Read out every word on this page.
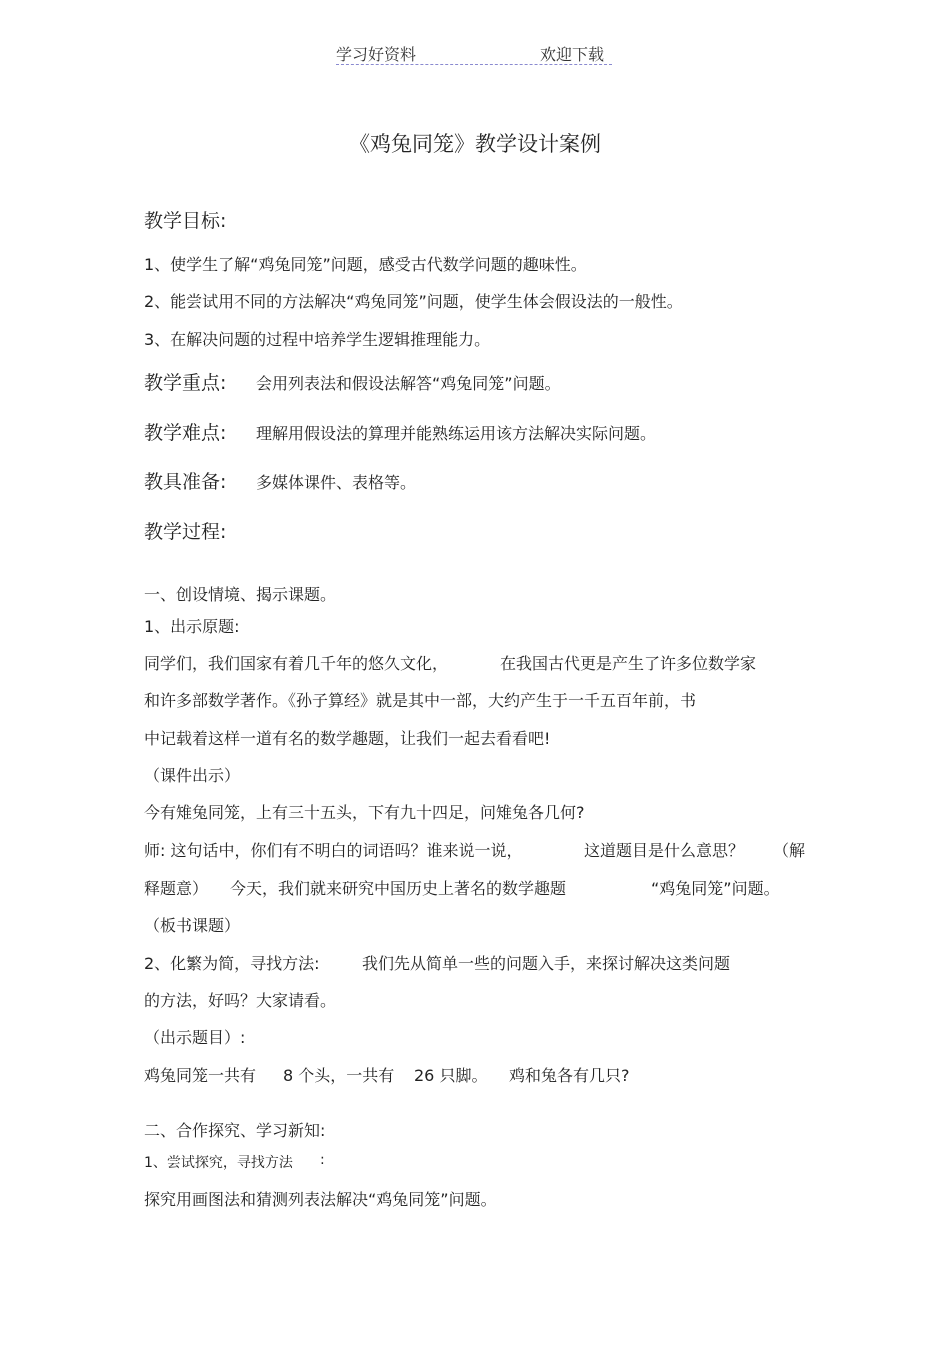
学习好资料	欢迎下载
《鸡兔同笼》教学设计案例
教学目标:
1、使学生了解“鸡兔同笼”问题，感受古代数学问题的趣味性。
2、能尝试用不同的方法解决“鸡兔同笼”问题，使学生体会假设法的一般性。
3、在解决问题的过程中培养学生逻辑推理能力。
教学重点: 会用列表法和假设法解答“鸡兔同笼”问题。
教学难点: 理解用假设法的算理并能熟练运用该方法解决实际问题。
教具准备: 多媒体课件、表格等。
教学过程:
一、创设情境、揭示课题。
1、出示原题:
同学们，我们国家有着几千年的悠久文化，	在我国古代更是产生了许多位数学家
和许多部数学著作。《孙子算经》就是其中一部，大约产生于一千五百年前，书
中记载着这样一道有名的数学趣题，让我们一起去看看吧!
（课件出示）
今有雉兔同笼，上有三十五头，下有九十四足，问雉兔各几何?
师: 这句话中，你们有不明白的词语吗？谁来说一说，	这道题目是什么意思？ （解
释题意） 今天，我们就来研究中国历史上著名的数学趣题	“鸡兔同笼”问题。
（板书课题）
2、化繁为简，寻找方法:	我们先从简单一些的问题入手，来探讨解决这类问题
的方法，好吗？大家请看。
（出示题目）:
鸡兔同笼一共有 8 个头，一共有 26 只脚。 鸡和兔各有几只?
二、合作探究、学习新知:
1、尝试探究，寻找方法 :
探究用画图法和猜测列表法解决“鸡兔同笼”问题。
